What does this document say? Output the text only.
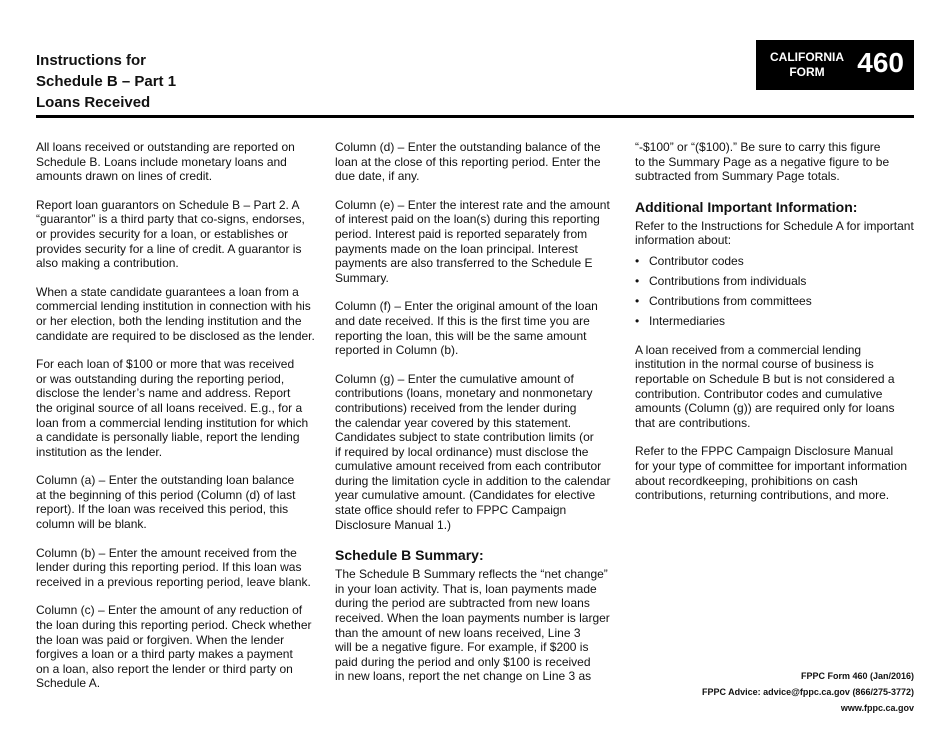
Instructions for
Schedule B – Part 1
Loans Received
CALIFORNIA
FORM	460

All loans received or outstanding are reported on
Schedule B. Loans include monetary loans and
amounts drawn on lines of credit.

Report loan guarantors on Schedule B – Part 2. A
“guarantor” is a third party that co-signs, endorses,
or provides security for a loan, or establishes or
provides security for a line of credit. A guarantor is
also making a contribution.

When a state candidate guarantees a loan from a
commercial lending institution in connection with his
or her election, both the lending institution and the
candidate are required to be disclosed as the lender.

For each loan of $100 or more that was received
or was outstanding during the reporting period,
disclose the lender’s name and address. Report
the original source of all loans received. E.g., for a
loan from a commercial lending institution for which
a candidate is personally liable, report the lending
institution as the lender.

Column (a) – Enter the outstanding loan balance
at the beginning of this period (Column (d) of last
report). If the loan was received this period, this
column will be blank.

Column (b) – Enter the amount received from the
lender during this reporting period. If this loan was
received in a previous reporting period, leave blank.

Column (c) – Enter the amount of any reduction of
the loan during this reporting period. Check whether
the loan was paid or forgiven. When the lender
forgives a loan or a third party makes a payment
on a loan, also report the lender or third party on
Schedule A.

Column (d) – Enter the outstanding balance of the
loan at the close of this reporting period. Enter the
due date, if any.

Column (e) – Enter the interest rate and the amount
of interest paid on the loan(s) during this reporting
period. Interest paid is reported separately from
payments made on the loan principal. Interest
payments are also transferred to the Schedule E
Summary.

Column (f) – Enter the original amount of the loan
and date received. If this is the first time you are
reporting the loan, this will be the same amount
reported in Column (b).

Column (g) – Enter the cumulative amount of
contributions (loans, monetary and nonmonetary
contributions) received from the lender during
the calendar year covered by this statement.
Candidates subject to state contribution limits (or
if required by local ordinance) must disclose the
cumulative amount received from each contributor
during the limitation cycle in addition to the calendar
year cumulative amount. (Candidates for elective
state office should refer to FPPC Campaign
Disclosure Manual 1.)

Schedule B Summary:

The Schedule B Summary reflects the “net change”
in your loan activity. That is, loan payments made
during the period are subtracted from new loans
received. When the loan payments number is larger
than the amount of new loans received, Line 3
will be a negative figure. For example, if $200 is
paid during the period and only $100 is received
in new loans, report the net change on Line 3 as

“-$100” or “($100).” Be sure to carry this figure
to the Summary Page as a negative figure to be
subtracted from Summary Page totals.

Additional Important Information:

Refer to the Instructions for Schedule A for important
information about:

• Contributor codes
• Contributions from individuals
• Contributions from committees
• Intermediaries

A loan received from a commercial lending
institution in the normal course of business is
reportable on Schedule B but is not considered a
contribution. Contributor codes and cumulative
amounts (Column (g)) are required only for loans
that are contributions.

Refer to the FPPC Campaign Disclosure Manual
for your type of committee for important information
about recordkeeping, prohibitions on cash
contributions, returning contributions, and more.

FPPC Form 460 (Jan/2016)
FPPC Advice: advice@fppc.ca.gov (866/275-3772)
www.fppc.ca.gov
